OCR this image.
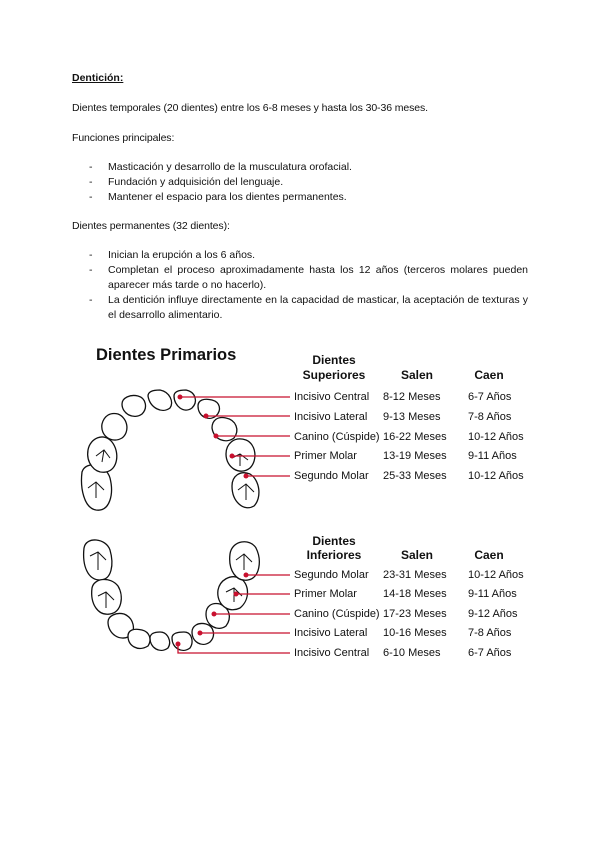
Dentición:
Dientes temporales (20 dientes) entre los 6-8 meses y hasta los 30-36 meses.
Funciones principales:
- Masticación y desarrollo de la musculatura orofacial.
- Fundación y adquisición del lenguaje.
- Mantener el espacio para los dientes permanentes.
Dientes permanentes (32 dientes):
- Inician la erupción a los 6 años.
- Completan el proceso aproximadamente hasta los 12 años (terceros molares pueden aparecer más tarde o no hacerlo).
- La dentición influye directamente en la capacidad de masticar, la aceptación de texturas y el desarrollo alimentario.
Dientes Primarios	Dientes
Superiores	Salen	Caen
Incisivo Central 8-12 Meses	6-7 Años
Incisivo Lateral 9-13 Meses	7-8 Años
Canino (Cúspide) 16-22 Meses 10-12 Años
Primer Molar 13-19 Meses 9-11 Años
Segundo Molar 25-33 Meses 10-12 Años
Dientes
Inferiores	Salen	Caen
Segundo Molar 23-31 Meses 10-12 Años
Primer Molar 14-18 Meses 9-11 Años
Canino (Cúspide) 17-23 Meses 9-12 Años
Incisivo Lateral 10-16 Meses 7-8 Años
Incisivo Central 6-10 Meses	6-7 Años
